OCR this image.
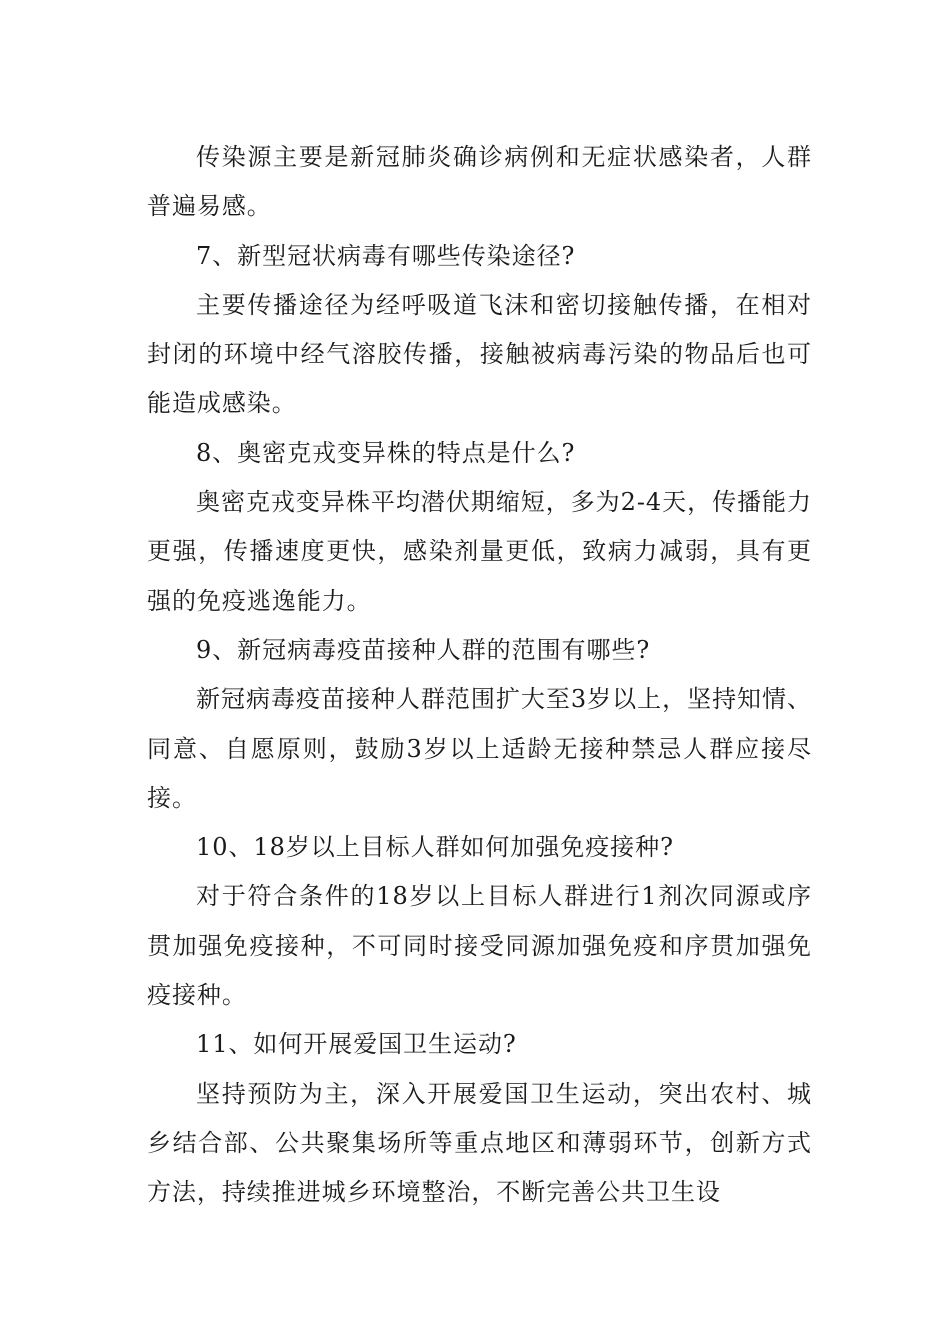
传染源主要是新冠肺炎确诊病例和无症状感染者，人群普遍易感。

7、新型冠状病毒有哪些传染途径?

主要传播途径为经呼吸道飞沫和密切接触传播，在相对封闭的环境中经气溶胶传播，接触被病毒污染的物品后也可能造成感染。

8、奥密克戎变异株的特点是什么?

奥密克戎变异株平均潜伏期缩短，多为2-4天，传播能力更强，传播速度更快，感染剂量更低，致病力减弱，具有更强的免疫逃逸能力。

9、新冠病毒疫苗接种人群的范围有哪些?

新冠病毒疫苗接种人群范围扩大至3岁以上，坚持知情、同意、自愿原则，鼓励3岁以上适龄无接种禁忌人群应接尽接。

10、18岁以上目标人群如何加强免疫接种?

对于符合条件的18岁以上目标人群进行1剂次同源或序贯加强免疫接种，不可同时接受同源加强免疫和序贯加强免疫接种。

11、如何开展爱国卫生运动?

坚持预防为主，深入开展爱国卫生运动，突出农村、城乡结合部、公共聚集场所等重点地区和薄弱环节，创新方式方法，持续推进城乡环境整治，不断完善公共卫生设
